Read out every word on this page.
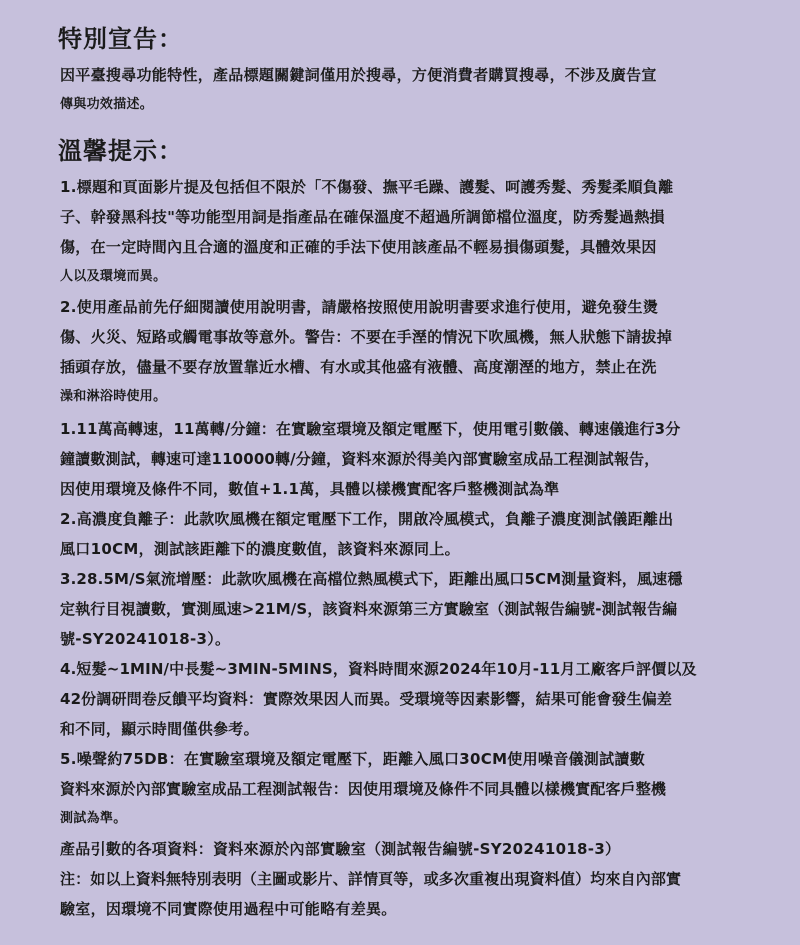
特別宣告：
因平臺搜尋功能特性，產品標題關鍵詞僅用於搜尋，方便消費者購買搜尋，不涉及廣告宣
傳與功效描述。
溫馨提示：
1.標題和頁面影片提及包括但不限於「不傷發、撫平毛躁、護髮、呵護秀髮、秀髮柔順負離
子、幹發黑科技"等功能型用詞是指產品在確保溫度不超過所調節檔位溫度，防秀髮過熱損
傷，在一定時間內且合適的溫度和正確的手法下使用該產品不輕易損傷頭髮，具體效果因
人以及環境而異。
2.使用產品前先仔細閱讀使用說明書，請嚴格按照使用說明書要求進行使用，避免發生燙
傷、火災、短路或觸電事故等意外。警告：不要在手溼的情況下吹風機，無人狀態下請拔掉
插頭存放，儘量不要存放置靠近水槽、有水或其他盛有液體、高度潮溼的地方，禁止在洗
澡和淋浴時使用。
1.11萬高轉速，11萬轉/分鐘：在實驗室環境及額定電壓下，使用電引數儀、轉速儀進行3分
鐘讀數測試，轉速可達110000轉/分鐘，資料來源於得美內部實驗室成品工程測試報告，
因使用環境及條件不同，數值+1.1萬，具體以樣機實配客戶整機測試為準
2.高濃度負離子：此款吹風機在額定電壓下工作，開啟冷風模式，負離子濃度測試儀距離出
風口10CM，測試該距離下的濃度數值，該資料來源同上。
3.28.5M/S氣流增壓：此款吹風機在高檔位熱風模式下，距離出風口5CM測量資料，風速穩
定執行目視讀數，實測風速>21M/S，該資料來源第三方實驗室（測試報告編號-測試報告編
號-SY20241018-3）。
4.短髮~1MIN/中長髮~3MIN-5MINS，資料時間來源2024年10月-11月工廠客戶評價以及
42份調研問卷反饋平均資料：實際效果因人而異。受環境等因素影響，結果可能會發生偏差
和不同，顯示時間僅供參考。
5.噪聲約75DB：在實驗室環境及額定電壓下，距離入風口30CM使用噪音儀測試讀數
資料來源於內部實驗室成品工程測試報告：因使用環境及條件不同具體以樣機實配客戶整機
測試為準。
產品引數的各項資料：資料來源於內部實驗室（測試報告編號-SY20241018-3）
注：如以上資料無特別表明（主圖或影片、詳情頁等，或多次重複出現資料值）均來自內部實
驗室，因環境不同實際使用過程中可能略有差異。
